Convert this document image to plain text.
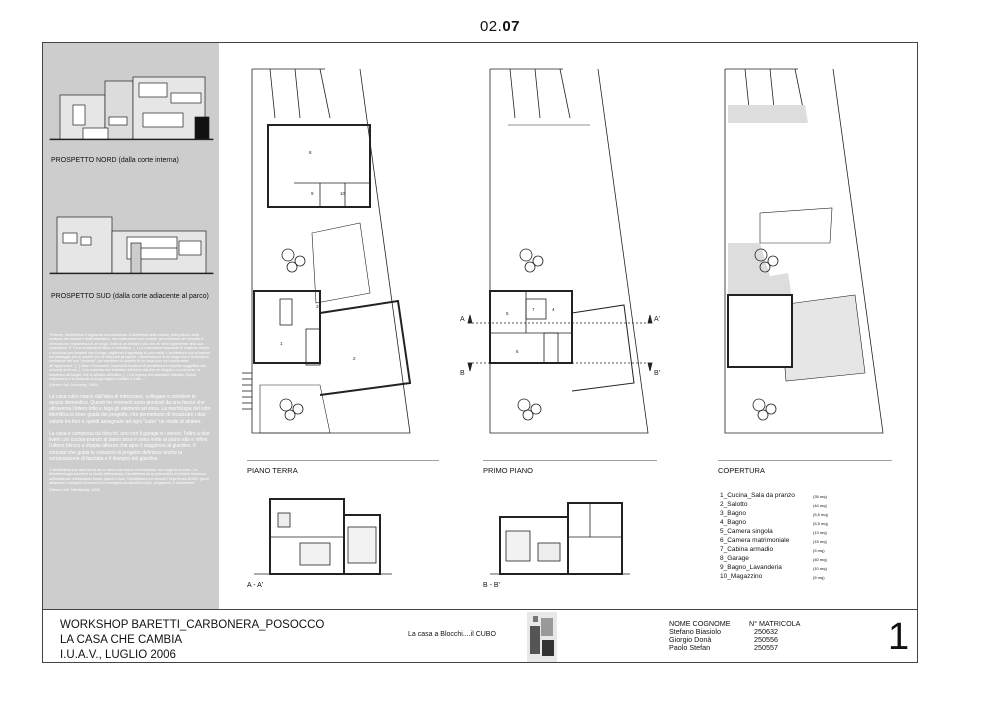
02.07
PROSPETTO NORD (dalla corte interna)
PROSPETTO SUD (dalla corte adiacente al parco)

"Ebbene, l'architettura è legata ad una situazione. A differenza della musica, della pittura, della scultura, del cinema e della letteratura, una costruzione (non mobile, ad eccezione dei nomadi) si intreccia con l'esperienza di un luogo. Il sito di un edificio è più che un mero ingrediente nella sua concezione. E' il suo fondamento fisico e metafisico. [...] La costruzione trascende le esigenze fisiche e funzionali per fondersi con il luogo, cogliendo il significato di una realtà. L'architettura non si impone sul paesaggio più di quanto non ne interpreti gli aspetti. L'illuminazione di un luogo non è la semplice rivelazione del suo "contesto", per mostrare un aspetto di un luogo può non conformarsi all'"apparenza". [...] Idea e Fenomeno, l'esercizio di unisce di architettura è l'aspetto soggettivo che concede la forma. [...] Un concetto che stabilisce dall'inizio alla fine un singolo o un percorso, la sequenza dei luoghi, che si affidano all'ordine. [...] Un legame che stabilisce l'identità. Quindi l'esperienza e la forma di un luogo legano l'edificio e il sito..."

(Steven Holl, Anchoring, 1989)

La casa cubo nasce dall'idea di intrecciare, collegare e scindere lo spazio domestico. Questi tre momenti sono ancorati da una fascia che attraversa l'intero lotto e lega gli elementi ad essa. La morfologia del lotto identifica le linee guida del progetto, che permettono di incastrare i due volumi tra loro e quindi assegnare ad ogni "cubo" un modo di abitare.

La casa è composta da blocchi, uno con il garage e i servizi, l'altro a due livelli con cucina-pranzo al piano terra e zona notte al piano alto e infine l'ultimo blocco a doppia altezza che apre il soggiorno al giardino. Il concept che guida le soluzioni di progetto definisce anche la composizione di facciata e il disegno del giardino.

"L'architettura può dare forma ad un rilevo che nasce nel fenomeno, nei luoghi di incontro. La fenomenologia concerne lo studio dell'essenza, l'architettura ha la potenzialità di mettere l'essenza nell'esistenza. Intrecciando forma, spazio e luce, l'architettura può elevare l'esperienza di tutti i giorni attraverso i molteplici fenomeni che emergono da specifici luoghi, programmi, e architetture."

(Steven Holl, Intertwining, 1996)

8
9	10
3
1
2
5
7	4
6
A	A'
B	B'
PIANO TERRA	PRIMO PIANO	COPERTURA
A - A'	B - B'
1_Cucina_Sala da pranzo	(35 mq)
2_Salotto	(44 mq)
3_Bagno	(5,5 mq)
4_Bagno	(5,5 mq)
5_Camera singola	(13 mq)
6_Camera matrimoniale	(15 mq)
7_Cabina armadio	(5 mq)
8_Garage	(40 mq)
9_Bagno_Lavanderia	(10 mq)
10_Magazzino	(5 mq)
WORKSHOP BARETTI_CARBONERA_POSOCCO
LA CASA CHE CAMBIA
I.U.A.V., LUGLIO 2006
La casa a Blocchi....il CUBO
NOME COGNOME	N° MATRICOLA
Stefano Biasiolo	250632
Giorgio Donà	250556
Paolo Stefan	250557	1
